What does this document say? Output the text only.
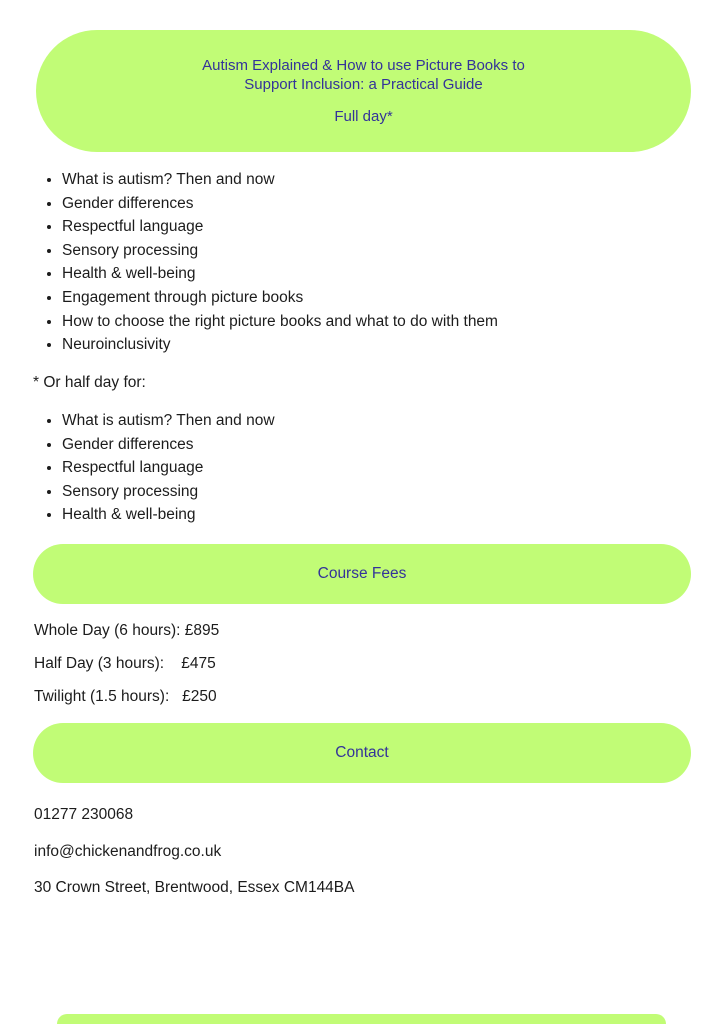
Autism Explained & How to use Picture Books to
Support Inclusion: a Practical Guide
Full day*
• What is autism? Then and now
• Gender differences
• Respectful language
• Sensory processing
• Health & well-being
• Engagement through picture books
• How to choose the right picture books and what to do with them
• Neuroinclusivity

* Or half day for:

• What is autism? Then and now
• Gender differences
• Respectful language
• Sensory processing
• Health & well-being
Course Fees

Whole Day (6 hours): £895

Half Day (3 hours):    £475

Twilight (1.5 hours):   £250

Contact

01277 230068

info@chickenandfrog.co.uk

30 Crown Street, Brentwood, Essex CM144BA
